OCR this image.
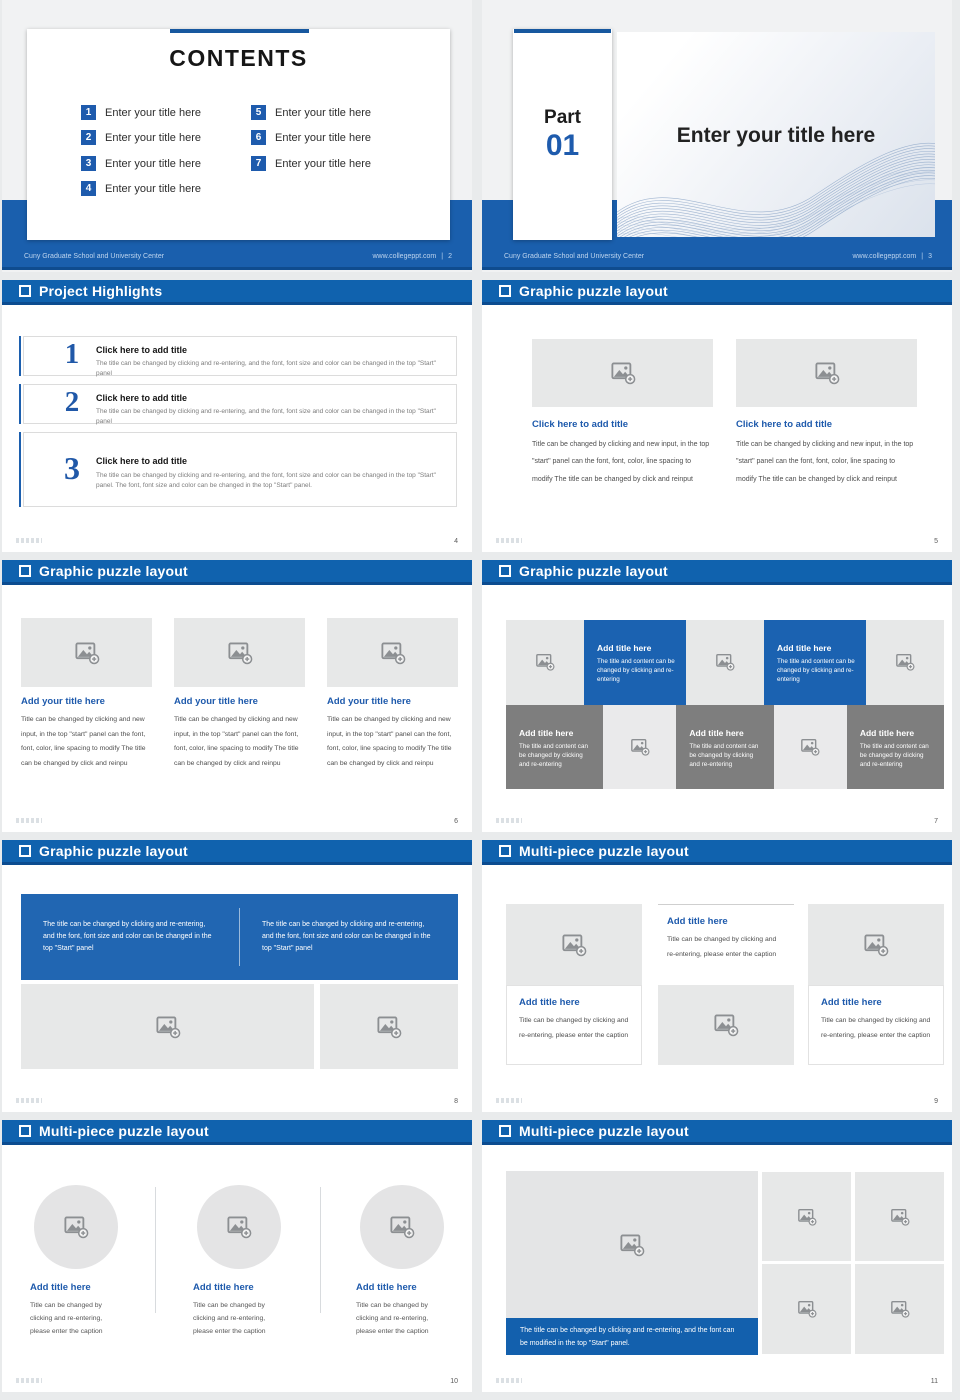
Cuny Graduate School and University Center	www.collegeppt.com | 2
CONTENTS
1	Enter your title here
2	Enter your title here
3	Enter your title here
4	Enter your title here
5	Enter your title here
6	Enter your title here
7	Enter your title here
Cuny Graduate School and University Center	www.collegeppt.com | 3
Part
01	Enter your title here
Project Highlights
1	Click here to add title
The title can be changed by clicking and re-entering, and the font, font size and color can be changed in the top "Start" panel
2	Click here to add title
The title can be changed by clicking and re-entering, and the font, font size and color can be changed in the top "Start" panel
3	Click here to add title
The title can be changed by clicking and re-entering, and the font, font size and color can be changed in the top "Start" panel. The font, font size and color can be changed in the top "Start" panel.
4
Graphic puzzle layout
Click here to add title	Click here to add title
Title can be changed by clicking and new input, in the top "start" panel can the font, font, color, line spacing to modify The title can be changed by click and reinput
Title can be changed by clicking and new input, in the top "start" panel can the font, font, color, line spacing to modify The title can be changed by click and reinput
5
Graphic puzzle layout
Add your title here	Add your title here	Add your title here
Title can be changed by clicking and new input, in the top "start" panel can the font, font, color, line spacing to modify The title can be changed by click and reinpu
Title can be changed by clicking and new input, in the top "start" panel can the font, font, color, line spacing to modify The title can be changed by click and reinpu
Title can be changed by clicking and new input, in the top "start" panel can the font, font, color, line spacing to modify The title can be changed by click and reinpu
6
Graphic puzzle layout
Add title here
The title and content can be changed by clicking and re-entering
Add title here
The title and content can be changed by clicking and re-entering
Add title here
The title and content can be changed by clicking and re-entering
Add title here
The title and content can be changed by clicking and re-entering
Add title here
The title and content can be changed by clicking and re-entering
7
Graphic puzzle layout
The title can be changed by clicking and re-entering, and the font, font size and color can be changed in the top "Start" panel
The title can be changed by clicking and re-entering, and the font, font size and color can be changed in the top "Start" panel
8
Multi-piece puzzle layout
Add title here
Title can be changed by clicking and re-entering, please enter the caption
Add title here
Title can be changed by clicking and re-entering, please enter the caption
Add title here
Title can be changed by clicking and re-entering, please enter the caption
9
Multi-piece puzzle layout
Add title here	Add title here	Add title here
Title can be changed by clicking and re-entering, please enter the caption
Title can be changed by clicking and re-entering, please enter the caption
Title can be changed by clicking and re-entering, please enter the caption
10
Multi-piece puzzle layout
The title can be changed by clicking and re-entering, and the font can be modified in the top "Start" panel.
11
